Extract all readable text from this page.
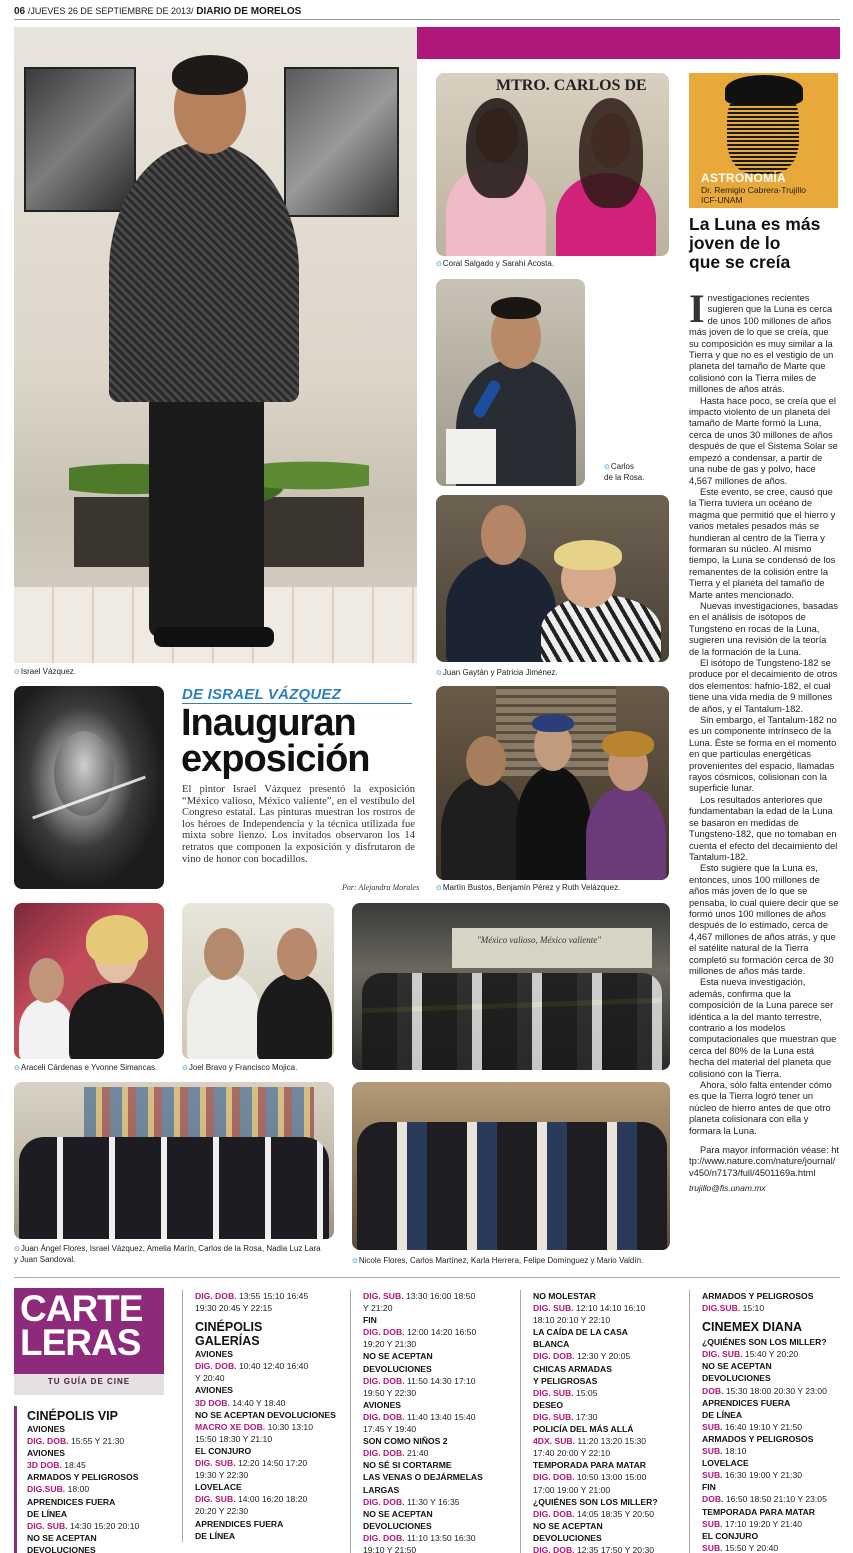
06 /JUEVES 26 DE SEPTIEMBRE DE 2013/ DIARIO DE MORELOS
⊙Israel Vázquez.
MTRO. CARLOS DE
⊙Coral Salgado y Sarahí Acosta.
⊙Carlos
de la Rosa.
⊙Juan Gaytán y Patricia Jiménez.
⊙Martín Bustos, Benjamín Pérez y Ruth Velázquez.
DE ISRAEL VÁZQUEZ
Inauguran
exposición
El pintor Israel Vázquez presentó la exposición “México valioso, México valiente”, en el vestíbulo del Congreso estatal. Las pinturas muestran los rostros de los héroes de Independencia y la técnica utilizada fue mixta sobre lienzo. Los invitados observaron los 14 retratos que componen la exposición y disfrutaron de vino de honor con bocadillos.
Por: Alejandra Morales
⊙Araceli Cárdenas e Yvonne Simancas.	⊙Joel Bravo y Francisco Mojica.
"México valioso, México valiente"
⊙Juan Ángel Flores, Israel Vázquez, Amelia Marín, Carlos de la Rosa, Nadia Luz Lara
y Juan Sandoval.	⊙Nicole Flores, Carlos Martínez, Karla Herrera, Felipe Domínguez y Mario Valdín.
ASTRONOMÍA
Dr. Remigio Cabrera-Trujillo
ICF-UNAM
La Luna es más
joven de lo
que se creía

Investigaciones recientes sugieren que la Luna es cerca de unos 100 millones de años más joven de lo que se creía, que su composición es muy similar a la Tierra y que no es el vestigio de un planeta del tamaño de Marte que colisionó con la Tierra miles de millones de años atrás.

Hasta hace poco, se creía que el impacto violento de un planeta del tamaño de Marte formó la Luna, cerca de unos 30 millones de años después de que el Sistema Solar se empezó a condensar, a partir de una nube de gas y polvo, hace 4,567 millones de años.

Este evento, se cree, causó que la Tierra tuviera un océano de magma que permitió que el hierro y varios metales pesados más se hundieran al centro de la Tierra y formaran su núcleo. Al mismo tiempo, la Luna se condensó de los remanentes de la colisión entre la Tierra y el planeta del tamaño de Marte antes mencionado.

Nuevas investigaciones, basadas en el análisis de isótopos de Tungsteno en rocas de la Luna, sugieren una revisión de la teoría de la formación de la Luna.

El isótopo de Tungsteno-182 se produce por el decaimiento de otros dos elementos: hafnio-182, el cual tiene una vida media de 9 millones de años, y el Tantalum-182.

Sin embargo, el Tantalum-182 no es un componente intrínseco de la Luna. Éste se forma en el momento en que partículas energéticas provenientes del espacio, llamadas rayos cósmicos, colisionan con la superficie lunar.

Los resultados anteriores que fundamentaban la edad de la Luna se basaron en medidas de Tungsteno-182, que no tomaban en cuenta el efecto del decaimiento del Tantalum-182.

Esto sugiere que la Luna es, entonces, unos 100 millones de años más joven de lo que se pensaba, lo cual quiere decir que se formó unos 100 millones de años después de lo estimado, cerca de 4,467 millones de años atrás, y que el satélite natural de la Tierra completó su formación cerca de 30 millones de años más tarde.

Esta nueva investigación, además, confirma que la composición de la Luna parece ser idéntica a la del manto terrestre, contrario a los modelos computacionales que muestran que cerca del 80% de la Luna está hecha del material del planeta que colisionó con la Tierra.

Ahora, sólo falta entender cómo es que la Tierra logró tener un núcleo de hierro antes de que otro planeta colisionara con ella y formara la Luna.

Para mayor información véase: http://www.nature.com/nature/journal/v450/n7173/full/4501169a.html

trujillo@fis.unam.mx

CARTE
LERAS
TU GUÍA DE CINE
CINÉPOLIS VIP
AVIONES
DIG. DOB. 15:55 Y 21:30
AVIONES
3D DOB. 18:45
ARMADOS Y PELIGROSOS
DIG.SUB. 18:00
APRENDICES FUERA
DE LÍNEA
DIG. SUB. 14:30 15:20 20:10
NO SE ACEPTAN
DEVOLUCIONES
DIG. DOB. 13:55 15:10 16:45
19:30 20:45 Y 22:15
CINÉPOLIS
GALERÍAS
AVIONES
DIG. DOB. 10:40 12:40 16:40
Y 20:40
AVIONES
3D DOB. 14:40 Y 18:40
NO SE ACEPTAN DEVOLUCIONES
MACRO XE DOB. 10:30 13:10
15:50 18:30 Y 21:10
EL CONJURO
DIG. SUB. 12:20 14:50 17:20
19:30 Y 22:30
LOVELACE
DIG. SUB. 14:00 16:20 18:20
20:20 Y 22:30
APRENDICES FUERA
DE LÍNEA
DIG. SUB. 13:30 16:00 18:50
Y 21:20
FIN
DIG. DOB. 12:00 14:20 16:50
19:20 Y 21:30
NO SE ACEPTAN
DEVOLUCIONES
DIG. DOB. 11:50 14:30 17:10
19:50 Y 22:30
AVIONES
DIG. DOB. 11:40 13:40 15:40
17:45 Y 19:40
SON COMO NIÑOS 2
DIG. DOB. 21:40
NO SÉ SI CORTARME
LAS VENAS O DEJÁRMELAS
LARGAS
DIG. DOB. 11:30 Y 16:35
NO SE ACEPTAN
DEVOLUCIONES
DIG. DOB. 11:10 13:50 16:30
19:10 Y 21:50
NO MOLESTAR
DIG. SUB. 12:10 14:10 16:10
18:10 20:10 Y 22:10
LA CAÍDA DE LA CASA
BLANCA
DIG. DOB. 12:30 Y 20:05
CHICAS ARMADAS
Y PELIGROSAS
DIG. SUB. 15:05
DESEO
DIG. SUB. 17:30
POLICÍA DEL MÁS ALLÁ
4DX. SUB. 11:20 13:20 15:30
17:40 20:00 Y 22:10
TEMPORADA PARA MATAR
DIG. DOB. 10:50 13:00 15:00
17:00 19:00 Y 21:00
¿QUIÉNES SON LOS MILLER?
DIG. DOB. 14:05 18:35 Y 20:50
NO SE ACEPTAN
DEVOLUCIONES
DIG. DOB. 12:35 17:50 Y 20:30
ARMADOS Y PELIGROSOS
DIG.SUB. 15:10
CINEMEX DIANA
¿QUIÉNES SON LOS MILLER?
DIG. SUB. 15:40 Y 20:20
NO SE ACEPTAN
DEVOLUCIONES
DOB. 15:30 18:00 20:30 Y 23:00
APRENDICES FUERA
DE LÍNEA
SUB. 16:40 19:10 Y 21:50
ARMADOS Y PELIGROSOS
SUB. 18:10
LOVELACE
SUB. 16:30 19:00 Y 21:30
FIN
DOB. 16:50 18:50 21:10 Y 23:05
TEMPORADA PARA MATAR
SUB. 17:10 19:20 Y 21:40
EL CONJURO
SUB. 15:50 Y 20:40
